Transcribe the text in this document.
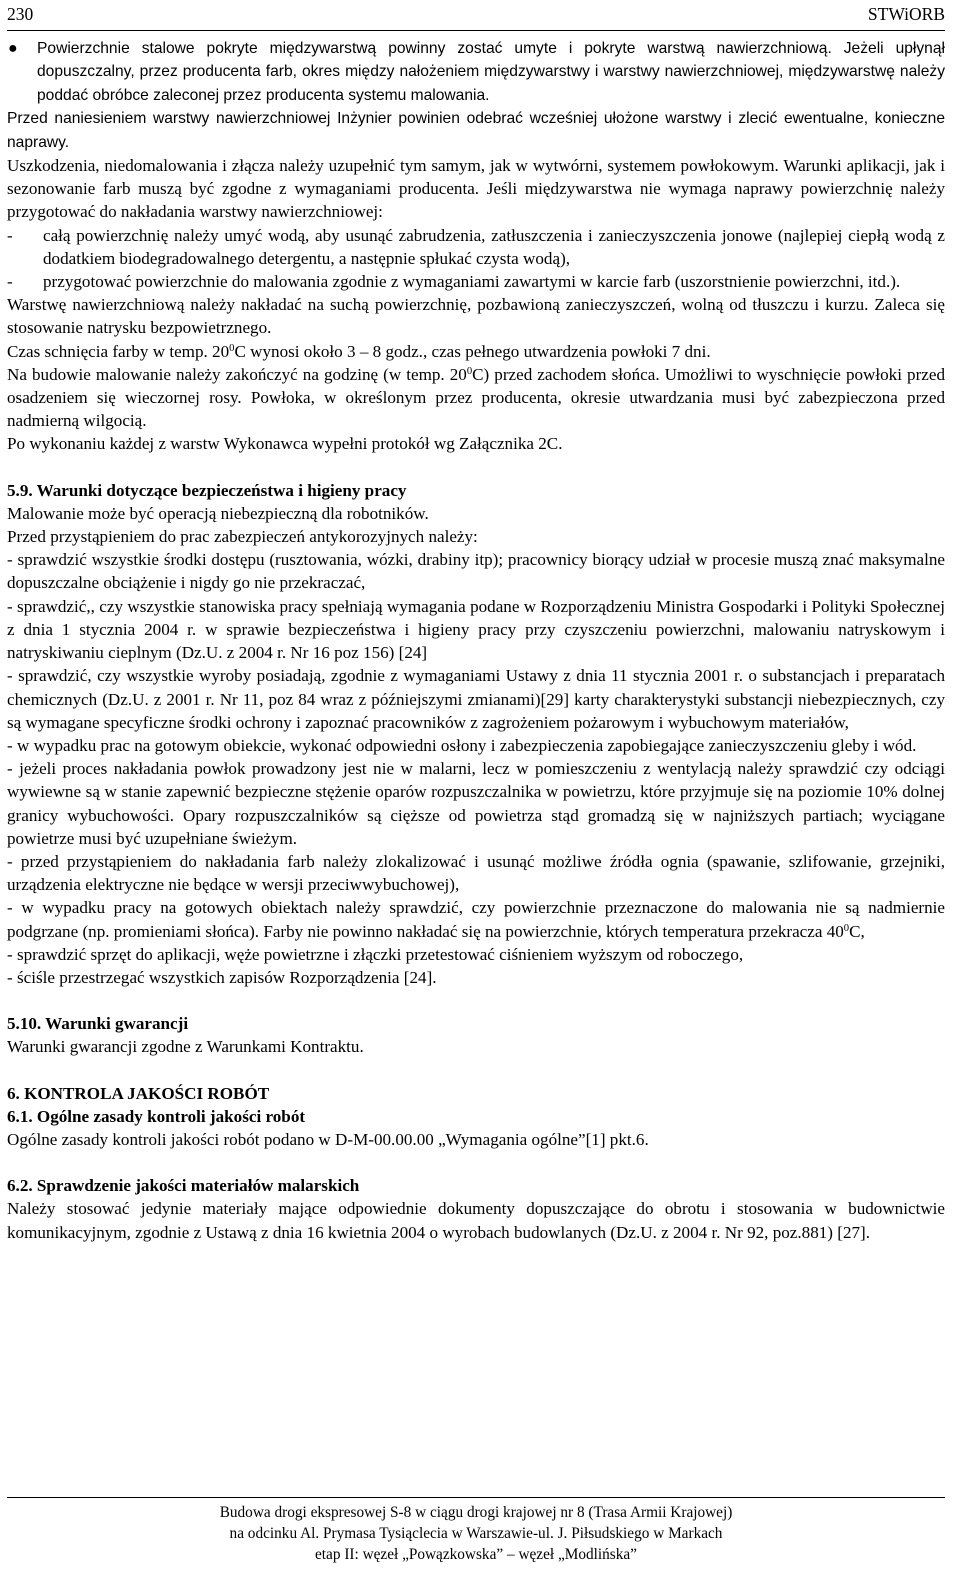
230	STWiORB
● Powierzchnie stalowe pokryte międzywarstwą powinny zostać umyte i pokryte warstwą nawierzchniową. Jeżeli upłynął dopuszczalny, przez producenta farb, okres między nałożeniem międzywarstwy i warstwy nawierzchniowej, międzywarstwę należy poddać obróbce zaleconej przez producenta systemu malowania.

Przed naniesieniem warstwy nawierzchniowej Inżynier powinien odebrać wcześniej ułożone warstwy i zlecić ewentualne, konieczne naprawy.

Uszkodzenia, niedomalowania i złącza należy uzupełnić tym samym, jak w wytwórni, systemem powłokowym. Warunki aplikacji, jak i sezonowanie farb muszą być zgodne z wymaganiami producenta. Jeśli międzywarstwa nie wymaga naprawy powierzchnię należy przygotować do nakładania warstwy nawierzchniowej:

- całą powierzchnię należy umyć wodą, aby usunąć zabrudzenia, zatłuszczenia i zanieczyszczenia jonowe (najlepiej ciepłą wodą z dodatkiem biodegradowalnego detergentu, a następnie spłukać czysta wodą),

- przygotować powierzchnie do malowania zgodnie z wymaganiami zawartymi w karcie farb (uszorstnienie powierzchni, itd.).

Warstwę nawierzchniową należy nakładać na suchą powierzchnię, pozbawioną zanieczyszczeń, wolną od tłuszczu i kurzu. Zaleca się stosowanie natrysku bezpowietrznego.

Czas schnięcia farby w temp. $20^0C$ wynosi około 3 – 8 godz., czas pełnego utwardzenia powłoki 7 dni.

Na budowie malowanie należy zakończyć na godzinę (w temp. $20^0C$) przed zachodem słońca. Umożliwi to wyschnięcie powłoki przed osadzeniem się wieczornej rosy. Powłoka, w określonym przez producenta, okresie utwardzania musi być zabezpieczona przed nadmierną wilgocią.

Po wykonaniu każdej z warstw Wykonawca wypełni protokół wg Załącznika 2C.

5.9. Warunki dotyczące bezpieczeństwa i higieny pracy

Malowanie może być operacją niebezpieczną dla robotników.

Przed przystąpieniem do prac zabezpieczeń antykorozyjnych należy:

- sprawdzić wszystkie środki dostępu (rusztowania, wózki, drabiny itp); pracownicy biorący udział w procesie muszą znać maksymalne dopuszczalne obciążenie i nigdy go nie przekraczać,

- sprawdzić,, czy wszystkie stanowiska pracy spełniają wymagania podane w Rozporządzeniu Ministra Gospodarki i Polityki Społecznej z dnia 1 stycznia 2004 r. w sprawie bezpieczeństwa i higieny pracy przy czyszczeniu powierzchni, malowaniu natryskowym i natryskiwaniu cieplnym (Dz.U. z 2004 r. Nr 16 poz 156) [24]

- sprawdzić, czy wszystkie wyroby posiadają, zgodnie z wymaganiami Ustawy z dnia 11 stycznia 2001 r. o substancjach i preparatach chemicznych (Dz.U. z 2001 r. Nr 11, poz 84 wraz z późniejszymi zmianami)[29] karty charakterystyki substancji niebezpiecznych, czy są wymagane specyficzne środki ochrony i zapoznać pracowników z zagrożeniem pożarowym i wybuchowym materiałów,

- w wypadku prac na gotowym obiekcie, wykonać odpowiedni osłony i zabezpieczenia zapobiegające zanieczyszczeniu gleby i wód.

- jeżeli proces nakładania powłok prowadzony jest nie w malarni, lecz w pomieszczeniu z wentylacją należy sprawdzić czy odciągi wywiewne są w stanie zapewnić bezpieczne stężenie oparów rozpuszczalnika w powietrzu, które przyjmuje się na poziomie 10% dolnej granicy wybuchowości. Opary rozpuszczalników są cięższe od powietrza stąd gromadzą się w najniższych partiach; wyciągane powietrze musi być uzupełniane świeżym.

- przed przystąpieniem do nakładania farb należy zlokalizować i usunąć możliwe źródła ognia (spawanie, szlifowanie, grzejniki, urządzenia elektryczne nie będące w wersji przeciwwybuchowej),

- w wypadku pracy na gotowych obiektach należy sprawdzić, czy powierzchnie przeznaczone do malowania nie są nadmiernie podgrzane (np. promieniami słońca). Farby nie powinno nakładać się na powierzchnie, których temperatura przekracza $40^0C$,

- sprawdzić sprzęt do aplikacji, węże powietrzne i złączki przetestować ciśnieniem wyższym od roboczego,

- ściśle przestrzegać wszystkich zapisów Rozporządzenia [24].

5.10. Warunki gwarancji

Warunki gwarancji zgodne z Warunkami Kontraktu.

6. KONTROLA JAKOŚCI ROBÓT

6.1. Ogólne zasady kontroli jakości robót

Ogólne zasady kontroli jakości robót podano w D-M-00.00.00 „Wymagania ogólne”[1] pkt.6.

6.2. Sprawdzenie jakości materiałów malarskich

Należy stosować jedynie materiały mające odpowiednie dokumenty dopuszczające do obrotu i stosowania w budownictwie komunikacyjnym, zgodnie z Ustawą z dnia 16 kwietnia 2004 o wyrobach budowlanych (Dz.U. z 2004 r. Nr 92, poz.881) [27].

Budowa drogi ekspresowej S-8 w ciągu drogi krajowej nr 8 (Trasa Armii Krajowej)

na odcinku Al. Prymasa Tysiąclecia w Warszawie-ul. J. Piłsudskiego w Markach

etap II: węzeł „Powązkowska” – węzeł „Modlińska”
